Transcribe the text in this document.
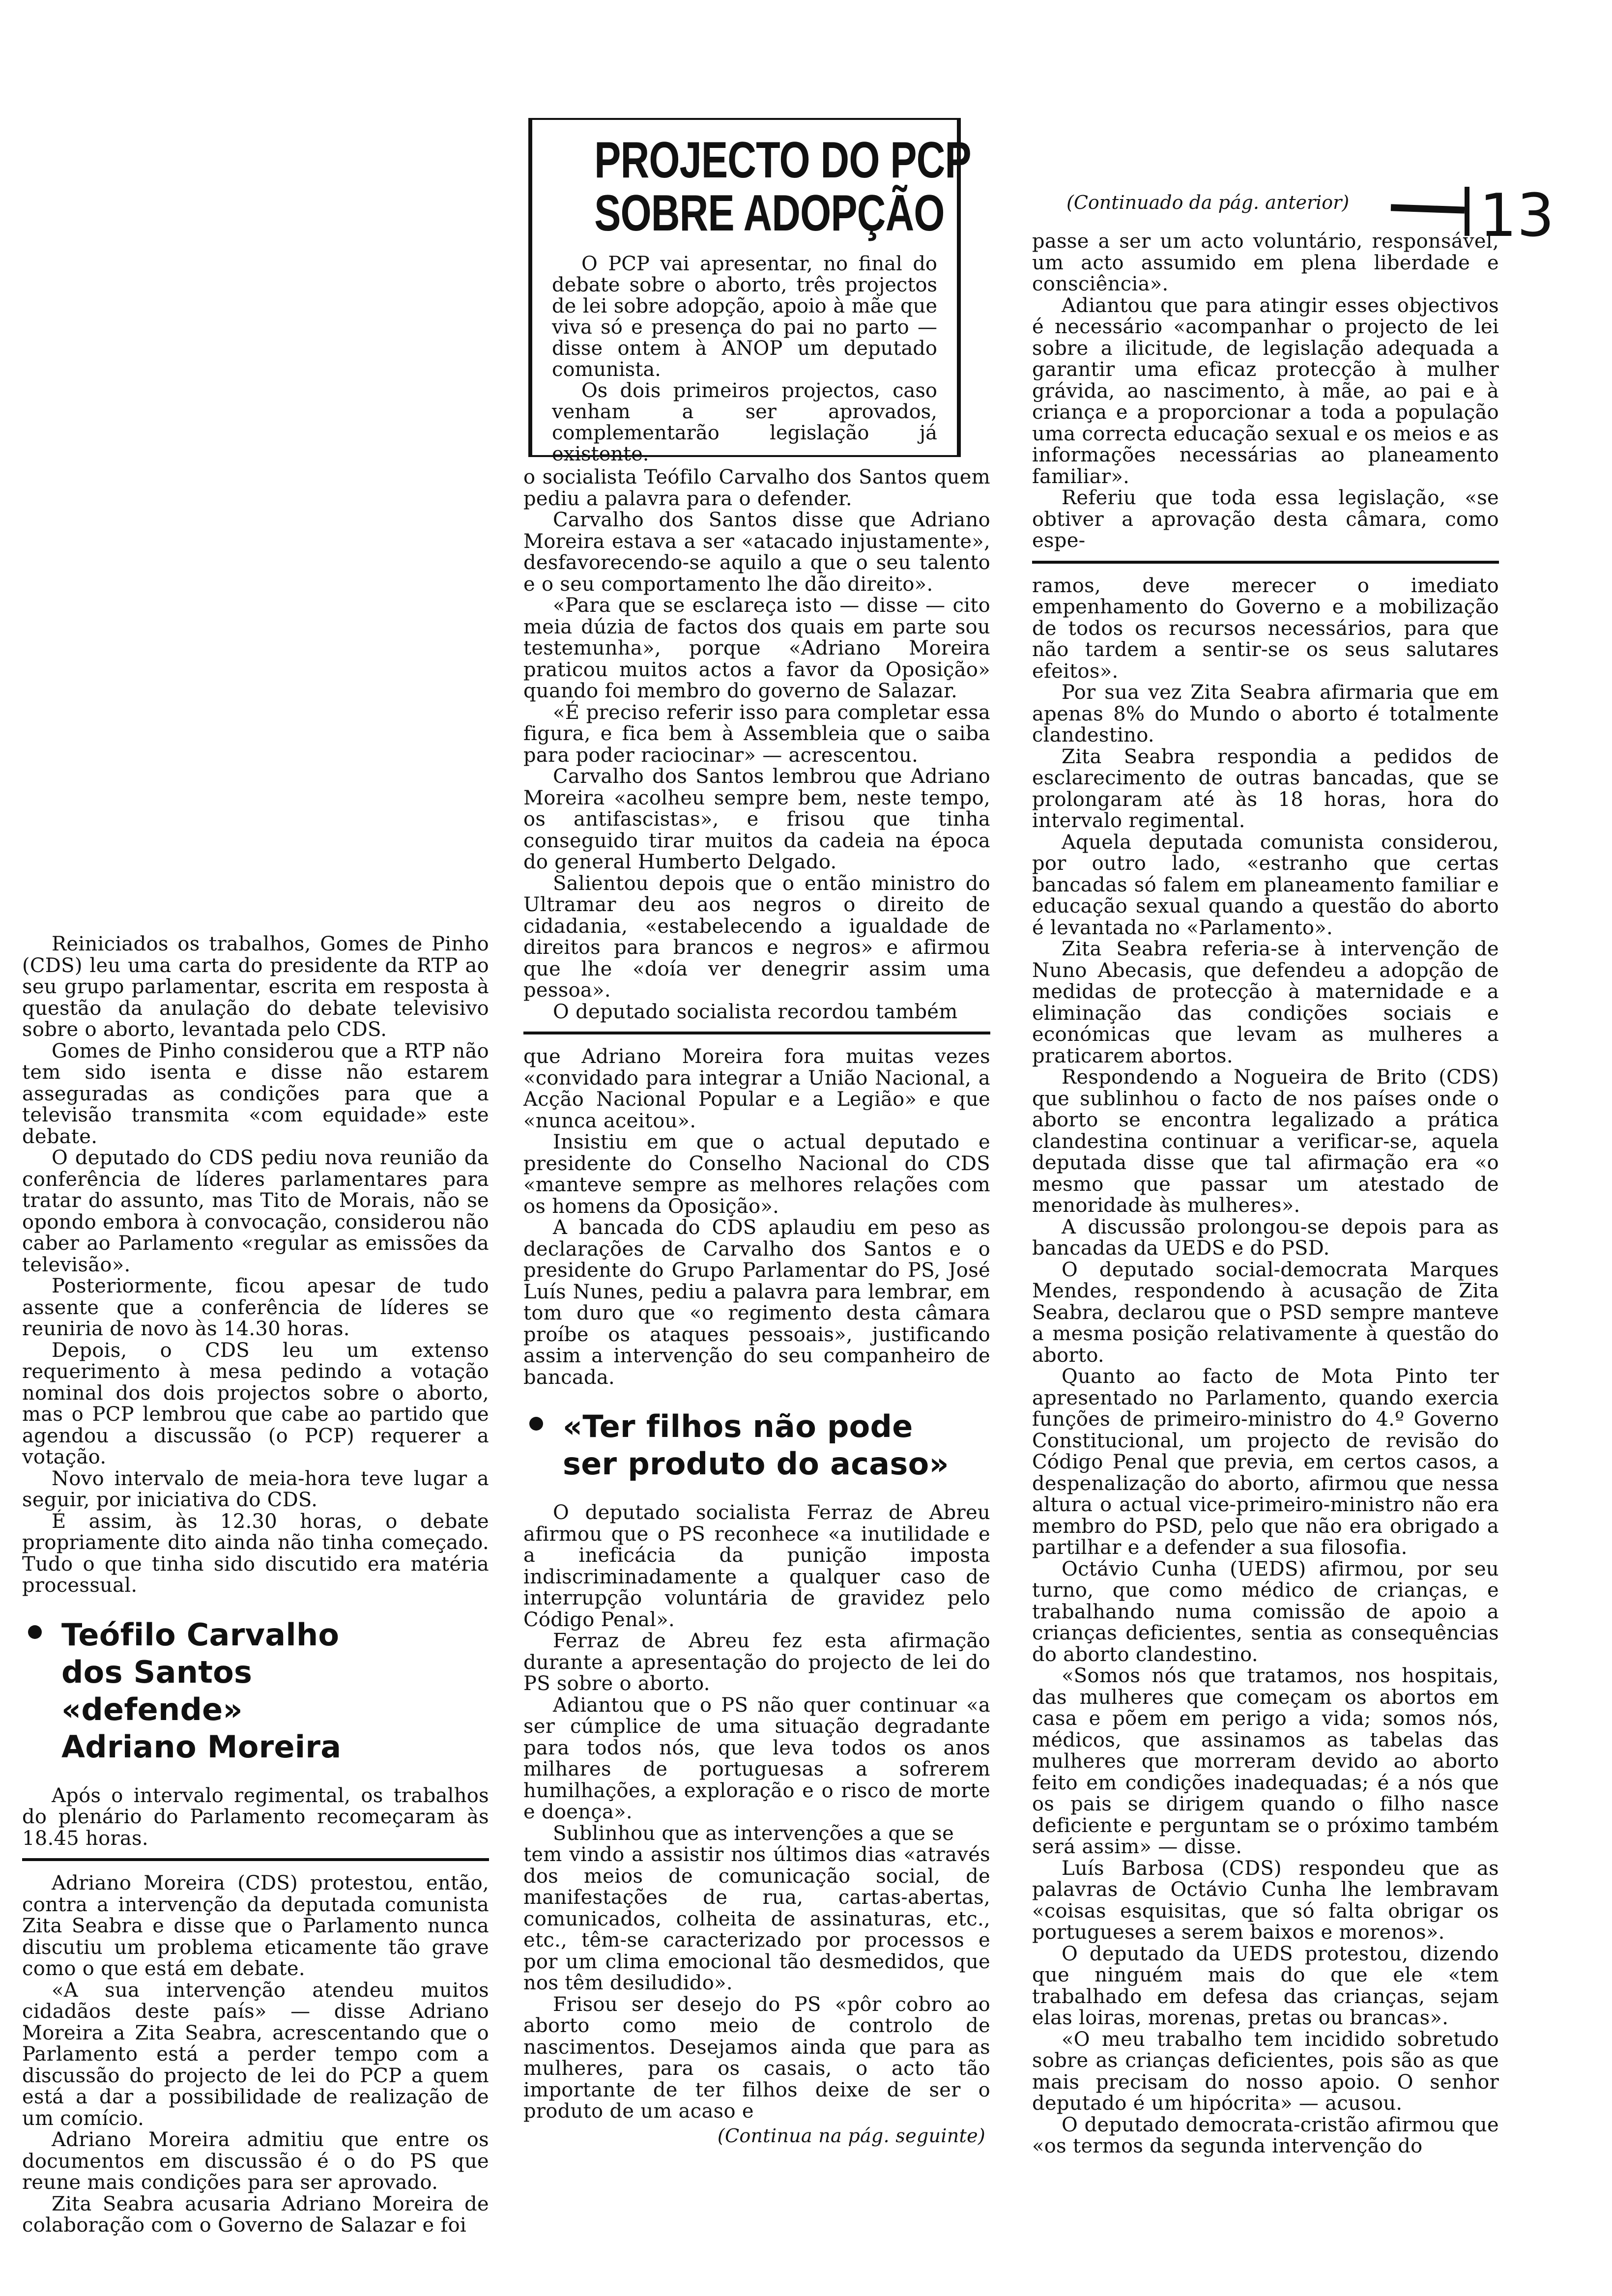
(Continuado da pág. anterior) 13
PROJECTO DO PCP
SOBRE ADOPÇÃO

O PCP vai apresentar, no final do debate sobre o aborto, três projectos de lei sobre adopção, apoio à mãe que viva só e presença do pai no parto — disse ontem à ANOP um deputado comunista.

Os dois primeiros projectos, caso venham a ser aprovados, complementarão legislação já existente.

Reiniciados os trabalhos, Gomes de Pinho (CDS) leu uma carta do presidente da RTP ao seu grupo parlamentar, escrita em resposta à questão da anulação do debate televisivo sobre o aborto, levantada pelo CDS.

Gomes de Pinho considerou que a RTP não tem sido isenta e disse não estarem asseguradas as condições para que a televisão transmita «com equidade» este debate.

O deputado do CDS pediu nova reunião da conferência de líderes parlamentares para tratar do assunto, mas Tito de Morais, não se opondo embora à convocação, considerou não caber ao Parlamento «regular as emissões da televisão».

Posteriormente, ficou apesar de tudo assente que a conferência de líderes se reuniria de novo às 14.30 horas.

Depois, o CDS leu um extenso requerimento à mesa pedindo a votação nominal dos dois projectos sobre o aborto, mas o PCP lembrou que cabe ao partido que agendou a discussão (o PCP) requerer a votação.

Novo intervalo de meia-hora teve lugar a seguir, por iniciativa do CDS.

É assim, às 12.30 horas, o debate propriamente dito ainda não tinha começado. Tudo o que tinha sido discutido era matéria processual.

Teófilo Carvalho
dos Santos
«defende»
Adriano Moreira

Após o intervalo regimental, os trabalhos do plenário do Parlamento recomeçaram às 18.45 horas.

Adriano Moreira (CDS) protestou, então, contra a intervenção da deputada comunista Zita Seabra e disse que o Parlamento nunca discutiu um problema eticamente tão grave como o que está em debate.

«A sua intervenção atendeu muitos cidadãos deste país» — disse Adriano Moreira a Zita Seabra, acrescentando que o Parlamento está a perder tempo com a discussão do projecto de lei do PCP a quem está a dar a possibilidade de realização de um comício.

Adriano Moreira admitiu que entre os documentos em discussão é o do PS que reune mais condições para ser aprovado.

Zita Seabra acusaria Adriano Moreira de colaboração com o Governo de Salazar e foi

o socialista Teófilo Carvalho dos Santos quem pediu a palavra para o defender.

Carvalho dos Santos disse que Adriano Moreira estava a ser «atacado injustamente», desfavorecendo-se aquilo a que o seu talento e o seu comportamento lhe dão direito».

«Para que se esclareça isto — disse — cito meia dúzia de factos dos quais em parte sou testemunha», porque «Adriano Moreira praticou muitos actos a favor da Oposição» quando foi membro do governo de Salazar.

«É preciso referir isso para completar essa figura, e fica bem à Assembleia que o saiba para poder raciocinar» — acrescentou.

Carvalho dos Santos lembrou que Adriano Moreira «acolheu sempre bem, neste tempo, os antifascistas», e frisou que tinha conseguido tirar muitos da cadeia na época do general Humberto Delgado.

Salientou depois que o então ministro do Ultramar deu aos negros o direito de cidadania, «estabelecendo a igualdade de direitos para brancos e negros» e afirmou que lhe «doía ver denegrir assim uma pessoa».

O deputado socialista recordou também

que Adriano Moreira fora muitas vezes «convidado para integrar a União Nacional, a Acção Nacional Popular e a Legião» e que «nunca aceitou».

Insistiu em que o actual deputado e presidente do Conselho Nacional do CDS «manteve sempre as melhores relações com os homens da Oposição».

A bancada do CDS aplaudiu em peso as declarações de Carvalho dos Santos e o presidente do Grupo Parlamentar do PS, José Luís Nunes, pediu a palavra para lembrar, em tom duro que «o regimento desta câmara proíbe os ataques pessoais», justificando assim a intervenção do seu companheiro de bancada.

«Ter filhos não pode
ser produto do acaso»

O deputado socialista Ferraz de Abreu afirmou que o PS reconhece «a inutilidade e a ineficácia da punição imposta indiscriminadamente a qualquer caso de interrupção voluntária de gravidez pelo Código Penal».

Ferraz de Abreu fez esta afirmação durante a apresentação do projecto de lei do PS sobre o aborto.

Adiantou que o PS não quer continuar «a ser cúmplice de uma situação degradante para todos nós, que leva todos os anos milhares de portuguesas a sofrerem humilhações, a exploração e o risco de morte e doença».

Sublinhou que as intervenções a que se

tem vindo a assistir nos últimos dias «através dos meios de comunicação social, de manifestações de rua, cartas-abertas, comunicados, colheita de assinaturas, etc., etc., têm-se caracterizado por processos e por um clima emocional tão desmedidos, que nos têm desiludido».

Frisou ser desejo do PS «pôr cobro ao aborto como meio de controlo de nascimentos. Desejamos ainda que para as mulheres, para os casais, o acto tão importante de ter filhos deixe de ser o produto de um acaso e

(Continua na pág. seguinte)

passe a ser um acto voluntário, responsável, um acto assumido em plena liberdade e consciência».

Adiantou que para atingir esses objectivos é necessário «acompanhar o projecto de lei sobre a ilicitude, de legislação adequada a garantir uma eficaz protecção à mulher grávida, ao nascimento, à mãe, ao pai e à criança e a proporcionar a toda a população uma correcta educação sexual e os meios e as informações necessárias ao planeamento familiar».

Referiu que toda essa legislação, «se obtiver a aprovação desta câmara, como espe-

ramos, deve merecer o imediato empenhamento do Governo e a mobilização de todos os recursos necessários, para que não tardem a sentir-se os seus salutares efeitos».

Por sua vez Zita Seabra afirmaria que em apenas 8% do Mundo o aborto é totalmente clandestino.

Zita Seabra respondia a pedidos de esclarecimento de outras bancadas, que se prolongaram até às 18 horas, hora do intervalo regimental.

Aquela deputada comunista considerou, por outro lado, «estranho que certas bancadas só falem em planeamento familiar e educação sexual quando a questão do aborto é levantada no «Parlamento».

Zita Seabra referia-se à intervenção de Nuno Abecasis, que defendeu a adopção de medidas de protecção à maternidade e a eliminação das condições sociais e económicas que levam as mulheres a praticarem abortos.

Respondendo a Nogueira de Brito (CDS) que sublinhou o facto de nos países onde o aborto se encontra legalizado a prática clandestina continuar a verificar-se, aquela deputada disse que tal afirmação era «o mesmo que passar um atestado de menoridade às mulheres».

A discussão prolongou-se depois para as bancadas da UEDS e do PSD.

O deputado social-democrata Marques Mendes, respondendo à acusação de Zita Seabra, declarou que o PSD sempre manteve a mesma posição relativamente à questão do aborto.

Quanto ao facto de Mota Pinto ter apresentado no Parlamento, quando exercia funções de primeiro-ministro do 4.º Governo Constitucional, um projecto de revisão do Código Penal que previa, em certos casos, a despenalização do aborto, afirmou que nessa altura o actual vice-primeiro-ministro não era membro do PSD, pelo que não era obrigado a partilhar e a defender a sua filosofia.

Octávio Cunha (UEDS) afirmou, por seu turno, que como médico de crianças, e trabalhando numa comissão de apoio a crianças deficientes, sentia as consequências do aborto clandestino.

«Somos nós que tratamos, nos hospitais, das mulheres que começam os abortos em casa e põem em perigo a vida; somos nós, médicos, que assinamos as tabelas das mulheres que morreram devido ao aborto feito em condições inadequadas; é a nós que os pais se dirigem quando o filho nasce deficiente e perguntam se o próximo também será assim» — disse.

Luís Barbosa (CDS) respondeu que as palavras de Octávio Cunha lhe lembravam «coisas esquisitas, que só falta obrigar os portugueses a serem baixos e morenos».

O deputado da UEDS protestou, dizendo que ninguém mais do que ele «tem trabalhado em defesa das crianças, sejam elas loiras, morenas, pretas ou brancas».

«O meu trabalho tem incidido sobretudo sobre as crianças deficientes, pois são as que mais precisam do nosso apoio. O senhor deputado é um hipócrita» — acusou.

O deputado democrata-cristão afirmou que «os termos da segunda intervenção do
